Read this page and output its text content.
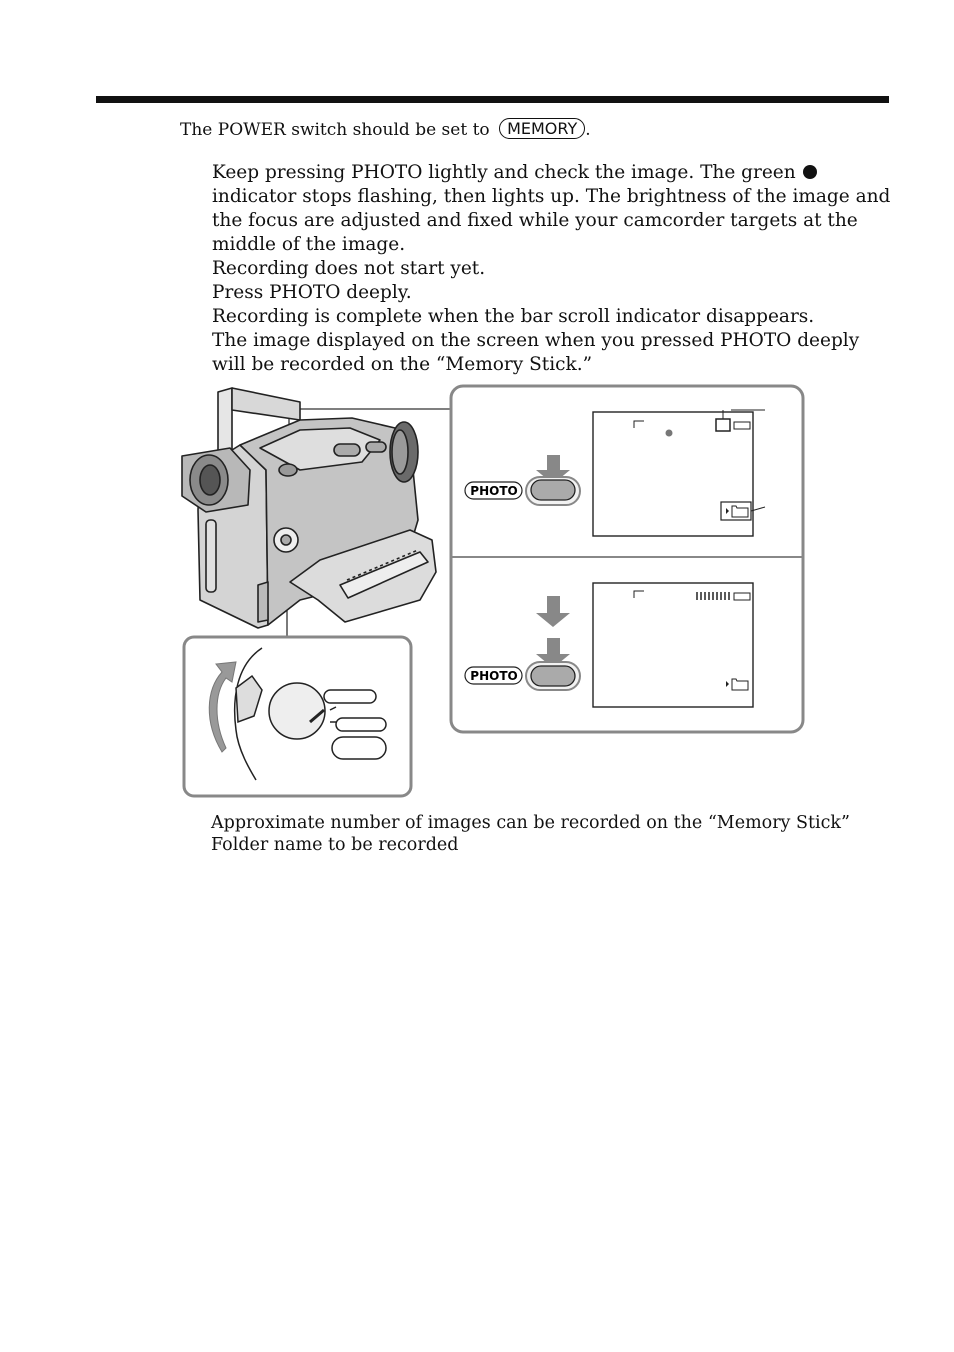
The POWER switch should be set to MEMORY .

Keep pressing PHOTO lightly and check the image. The green  indicator stops flashing, then lights up. The brightness of the image and the focus are adjusted and fixed while your camcorder targets at the middle of the image.

Recording does not start yet.

Press PHOTO deeply.

Recording is complete when the bar scroll indicator disappears.

The image displayed on the screen when you pressed PHOTO deeply will be recorded on the “Memory Stick.”

PHOTO
PHOTO

Approximate number of images can be recorded on the “Memory Stick”

Folder name to be recorded
